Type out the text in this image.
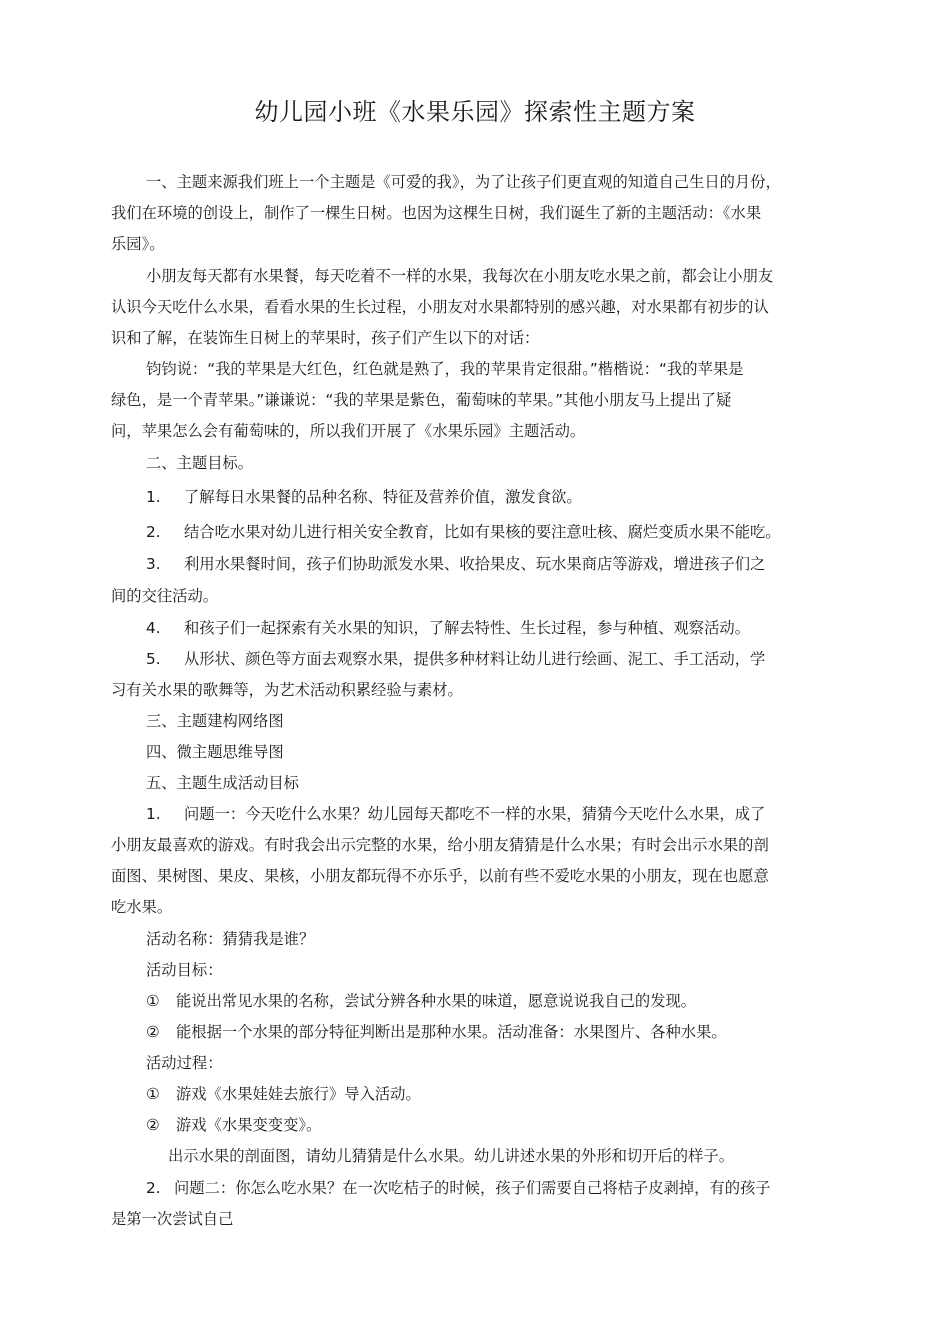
幼儿园小班《水果乐园》探索性主题方案
一、主题来源我们班上一个主题是《可爱的我》，为了让孩子们更直观的知道自己生日的月份，
我们在环境的创设上，制作了一棵生日树。也因为这棵生日树，我们诞生了新的主题活动：《水果
乐园》。
小朋友每天都有水果餐，每天吃着不一样的水果，我每次在小朋友吃水果之前，都会让小朋友
认识今天吃什么水果，看看水果的生长过程，小朋友对水果都特别的感兴趣，对水果都有初步的认
识和了解，在装饰生日树上的苹果时，孩子们产生以下的对话：
钧钧说：“我的苹果是大红色，红色就是熟了，我的苹果肯定很甜。”楷楷说：“我的苹果是
绿色，是一个青苹果。”谦谦说：“我的苹果是紫色，葡萄味的苹果。”其他小朋友马上提出了疑
问，苹果怎么会有葡萄味的，所以我们开展了《水果乐园》主题活动。
二、主题目标。
1. 了解每日水果餐的品种名称、特征及营养价值，激发食欲。
2. 结合吃水果对幼儿进行相关安全教育，比如有果核的要注意吐核、腐烂变质水果不能吃。
3. 利用水果餐时间，孩子们协助派发水果、收拾果皮、玩水果商店等游戏，增进孩子们之
间的交往活动。
4. 和孩子们一起探索有关水果的知识，了解去特性、生长过程，参与种植、观察活动。
5. 从形状、颜色等方面去观察水果，提供多种材料让幼儿进行绘画、泥工、手工活动，学
习有关水果的歌舞等，为艺术活动积累经验与素材。
三、主题建构网络图
四、微主题思维导图
五、主题生成活动目标
1. 问题一：今天吃什么水果？幼儿园每天都吃不一样的水果，猜猜今天吃什么水果，成了
小朋友最喜欢的游戏。有时我会出示完整的水果，给小朋友猜猜是什么水果；有时会出示水果的剖
面图、果树图、果皮、果核，小朋友都玩得不亦乐乎，以前有些不爱吃水果的小朋友，现在也愿意
吃水果。
活动名称：猜猜我是谁？
活动目标：
① 能说出常见水果的名称，尝试分辨各种水果的味道，愿意说说我自己的发现。
② 能根据一个水果的部分特征判断出是那种水果。活动准备：水果图片、各种水果。
活动过程：
① 游戏《水果娃娃去旅行》导入活动。
② 游戏《水果变变变》。
出示水果的剖面图，请幼儿猜猜是什么水果。幼儿讲述水果的外形和切开后的样子。
2. 问题二：你怎么吃水果？在一次吃桔子的时候，孩子们需要自己将桔子皮剥掉，有的孩子
是第一次尝试自己
